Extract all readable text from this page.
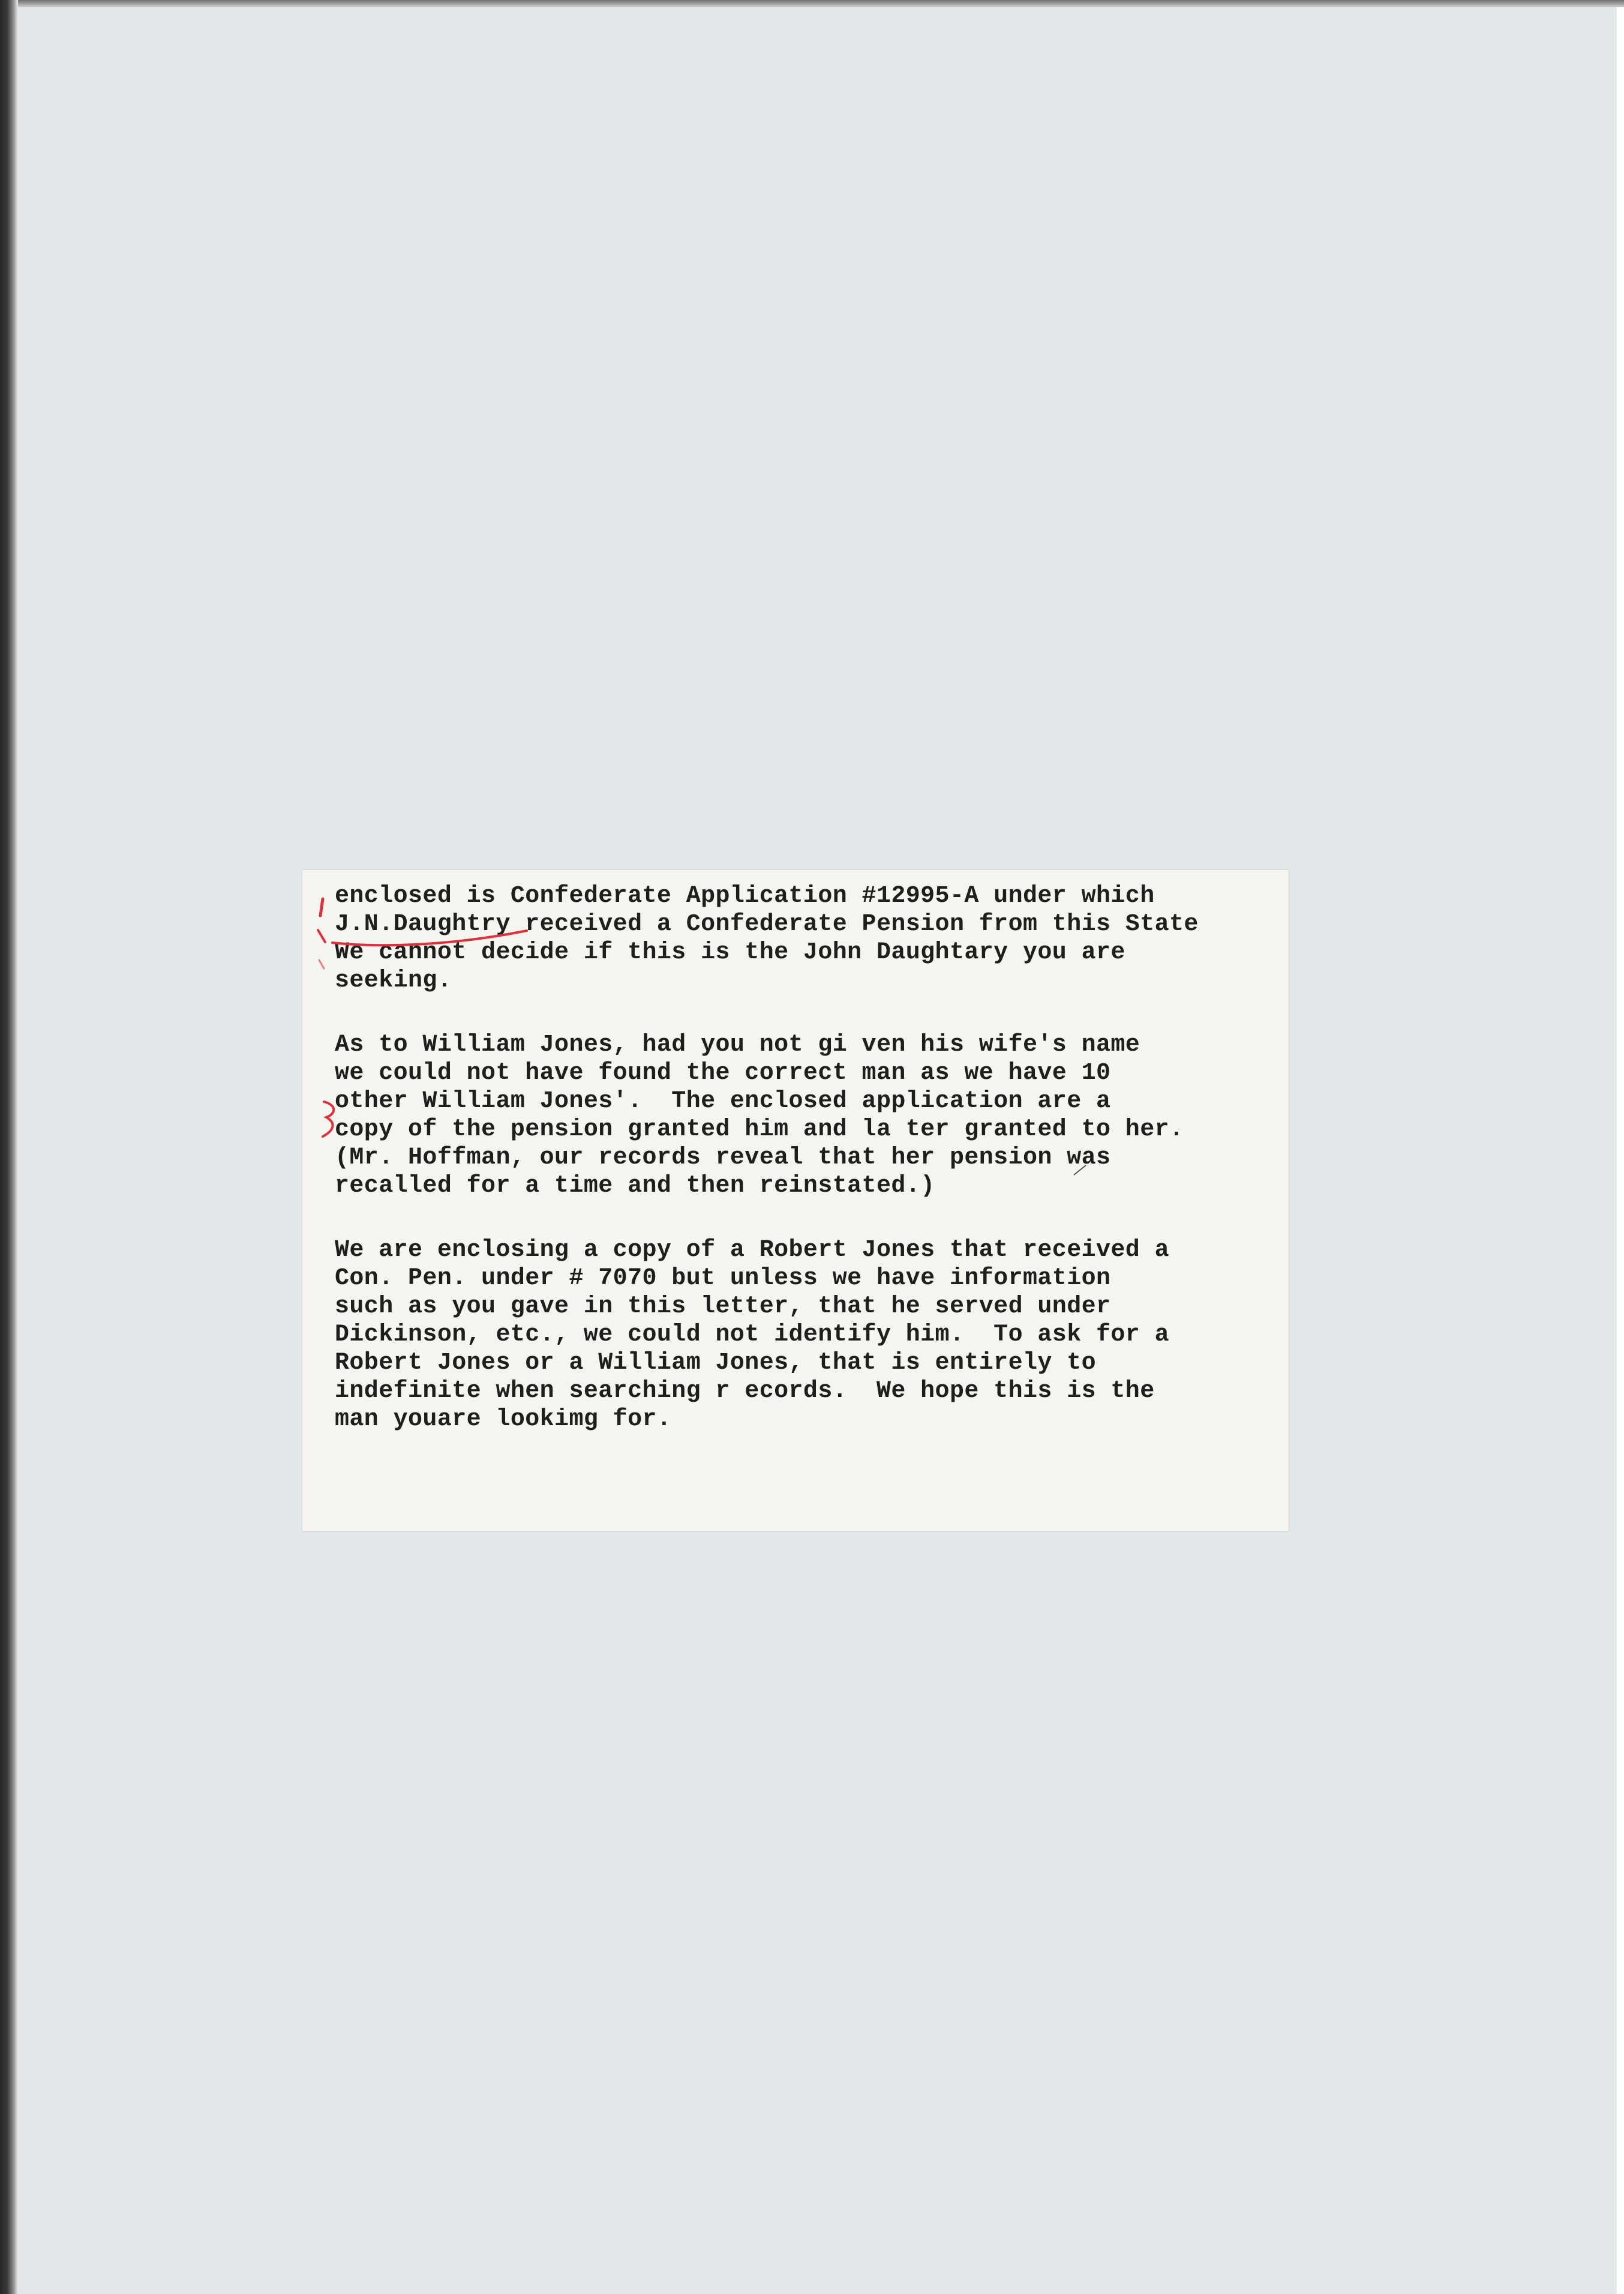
enclosed is Confederate Application #12995-A under which
J.N.Daughtry received a Confederate Pension from this State
We cannot decide if this is the John Daughtary you are
seeking.

As to William Jones, had you not gi ven his wife's name
we could not have found the correct man as we have 10
other William Jones'.  The enclosed application are a
copy of the pension granted him and la ter granted to her.
(Mr. Hoffman, our records reveal that her pension was
recalled for a time and then reinstated.)

We are enclosing a copy of a Robert Jones that received a
Con. Pen. under # 7070 but unless we have information
such as you gave in this letter, that he served under
Dickinson, etc., we could not identify him.  To ask for a
Robert Jones or a William Jones, that is entirely to
indefinite when searching r ecords.  We hope this is the
man youare lookimg for.
